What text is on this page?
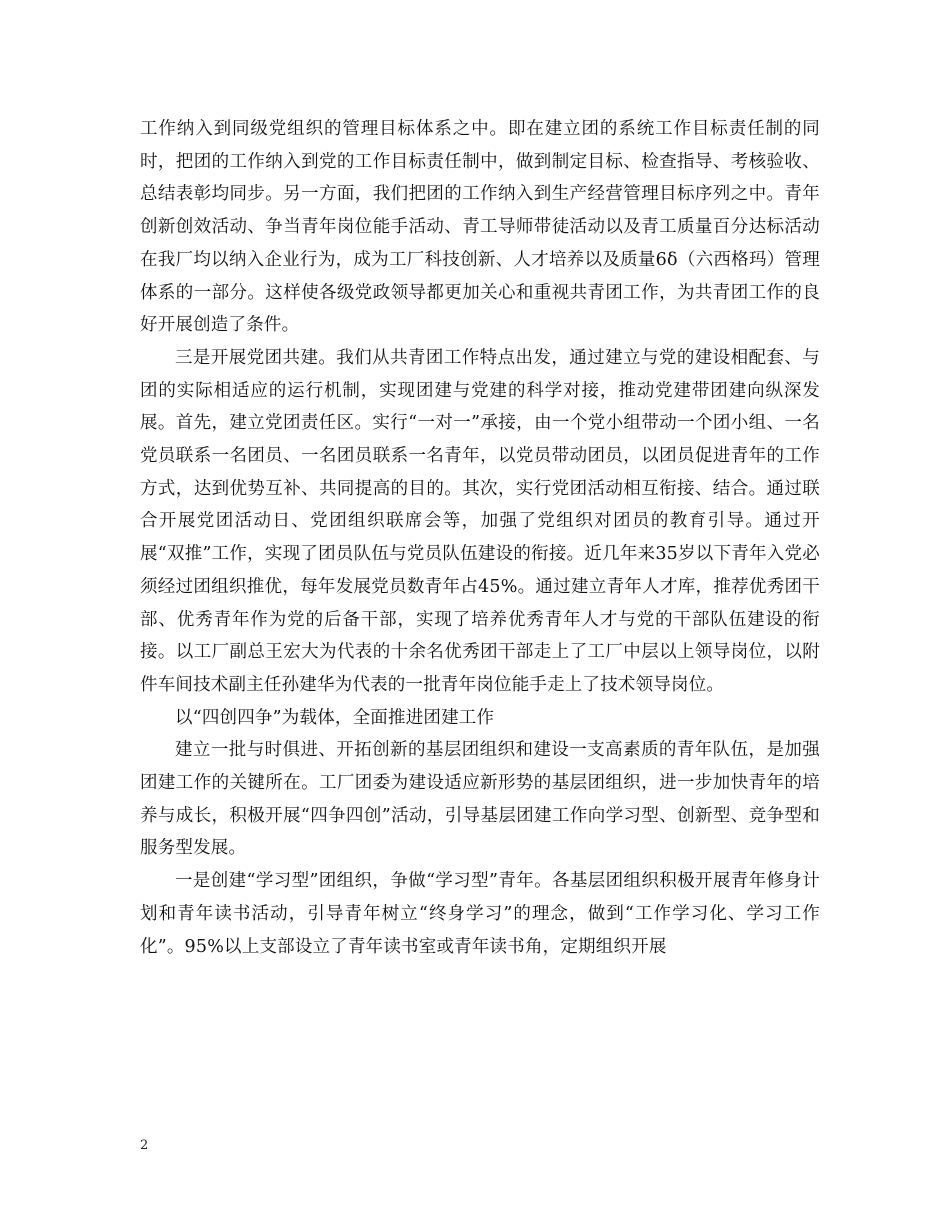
工作纳入到同级党组织的管理目标体系之中。即在建立团的系统工作目标责任制的同时，把团的工作纳入到党的工作目标责任制中，做到制定目标、检查指导、考核验收、总结表彰均同步。另一方面，我们把团的工作纳入到生产经营管理目标序列之中。青年创新创效活动、争当青年岗位能手活动、青工导师带徒活动以及青工质量百分达标活动在我厂均以纳入企业行为，成为工厂科技创新、人才培养以及质量6δ（六西格玛）管理体系的一部分。这样使各级党政领导都更加关心和重视共青团工作，为共青团工作的良好开展创造了条件。

三是开展党团共建。我们从共青团工作特点出发，通过建立与党的建设相配套、与团的实际相适应的运行机制，实现团建与党建的科学对接，推动党建带团建向纵深发展。首先，建立党团责任区。实行“一对一”承接，由一个党小组带动一个团小组、一名党员联系一名团员、一名团员联系一名青年，以党员带动团员，以团员促进青年的工作方式，达到优势互补、共同提高的目的。其次，实行党团活动相互衔接、结合。通过联合开展党团活动日、党团组织联席会等，加强了党组织对团员的教育引导。通过开展“双推”工作，实现了团员队伍与党员队伍建设的衔接。近几年来35岁以下青年入党必须经过团组织推优，每年发展党员数青年占45%。通过建立青年人才库，推荐优秀团干部、优秀青年作为党的后备干部，实现了培养优秀青年人才与党的干部队伍建设的衔接。以工厂副总王宏大为代表的十余名优秀团干部走上了工厂中层以上领导岗位，以附件车间技术副主任孙建华为代表的一批青年岗位能手走上了技术领导岗位。

以“四创四争”为载体，全面推进团建工作

建立一批与时俱进、开拓创新的基层团组织和建设一支高素质的青年队伍，是加强团建工作的关键所在。工厂团委为建设适应新形势的基层团组织，进一步加快青年的培养与成长，积极开展“四争四创”活动，引导基层团建工作向学习型、创新型、竞争型和服务型发展。

一是创建“学习型”团组织，争做“学习型”青年。各基层团组织积极开展青年修身计划和青年读书活动，引导青年树立“终身学习”的理念，做到“工作学习化、学习工作化”。95%以上支部设立了青年读书室或青年读书角，定期组织开展

2
